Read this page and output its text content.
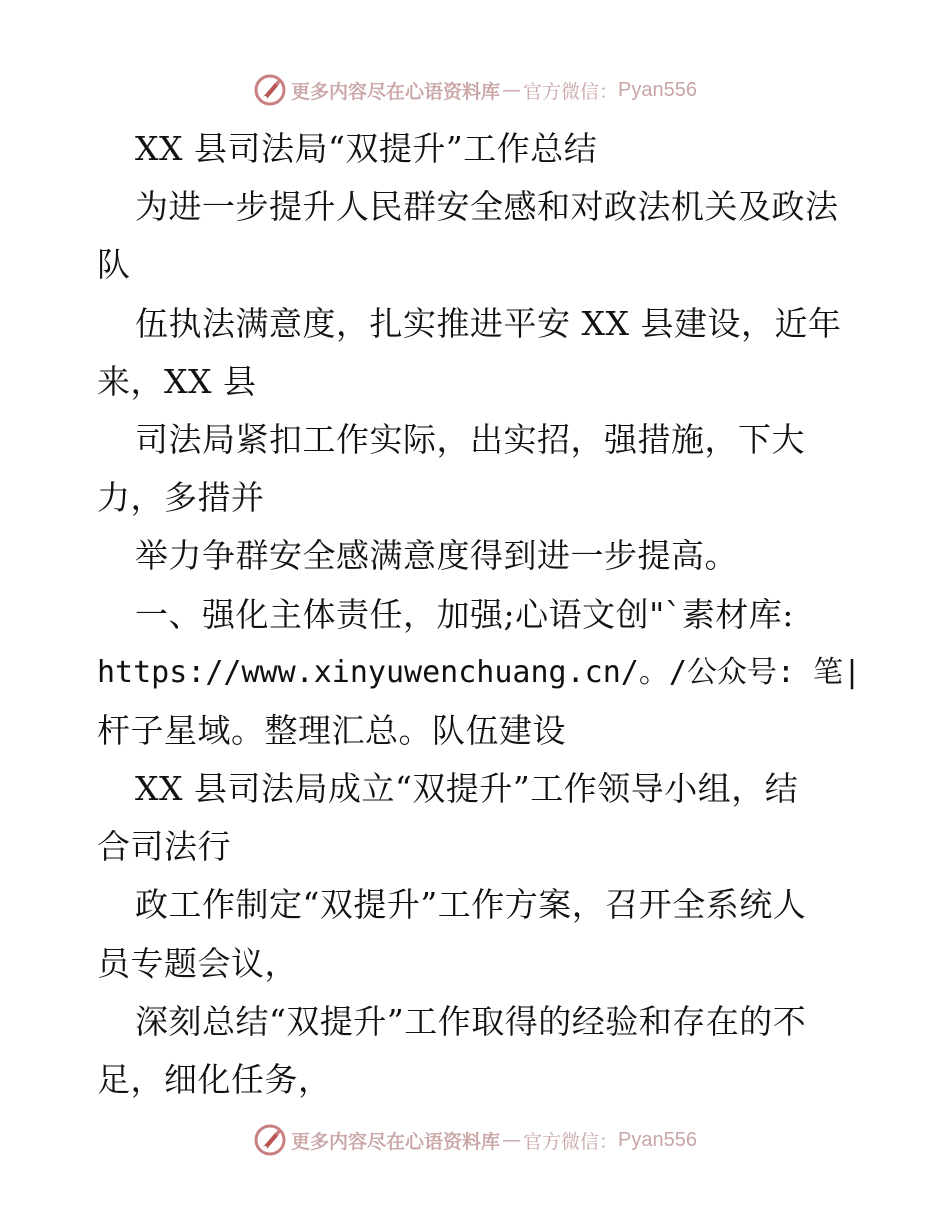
更多内容尽在心语资料库 — 官方微信： Pyan556
XX 县司法局“双提升”工作总结
为进一步提升人民群安全感和对政法机关及政法
队
伍执法满意度，扎实推进平安 XX 县建设，近年
来，XX 县
司法局紧扣工作实际，出实招，强措施，下大
力，多措并
举力争群安全感满意度得到进一步提高。
一、强化主体责任，加强;心语文创"`素材库:
https://www.xinyuwenchuang.cn/。/公众号: 笔|
杆子星域。整理汇总。队伍建设
XX 县司法局成立“双提升”工作领导小组，结
合司法行
政工作制定“双提升”工作方案，召开全系统人
员专题会议，
深刻总结“双提升”工作取得的经验和存在的不
足，细化任务，
更多内容尽在心语资料库 — 官方微信： Pyan556
